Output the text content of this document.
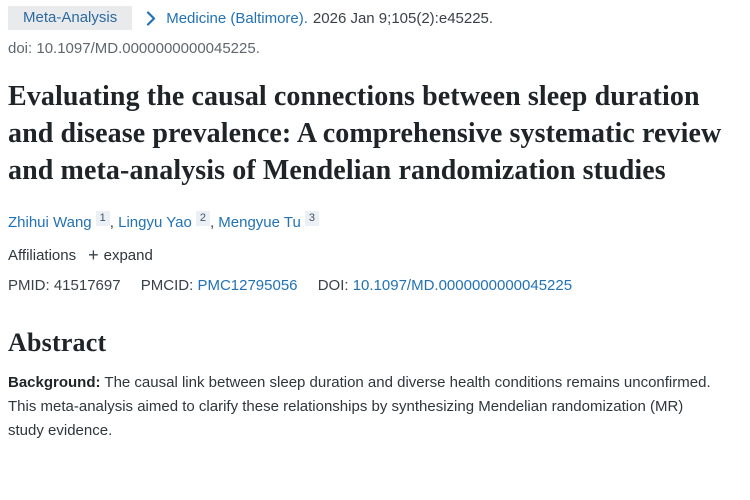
Meta-Analysis	Medicine (Baltimore). 2026 Jan 9;105(2):e45225.
doi: 10.1097/MD.0000000000045225.
Evaluating the causal connections between sleep duration and disease prevalence: A comprehensive systematic review and meta-analysis of Mendelian randomization studies
Zhihui Wang $^1$ , Lingyu Yao $^2$ , Mengyue Tu $^3$
Affiliations + expand
PMID: 41517697 PMCID: PMC12795056 DOI: 10.1097/MD.0000000000045225
Abstract

Background: The causal link between sleep duration and diverse health conditions remains unconfirmed. This meta-analysis aimed to clarify these relationships by synthesizing Mendelian randomization (MR) study evidence.
